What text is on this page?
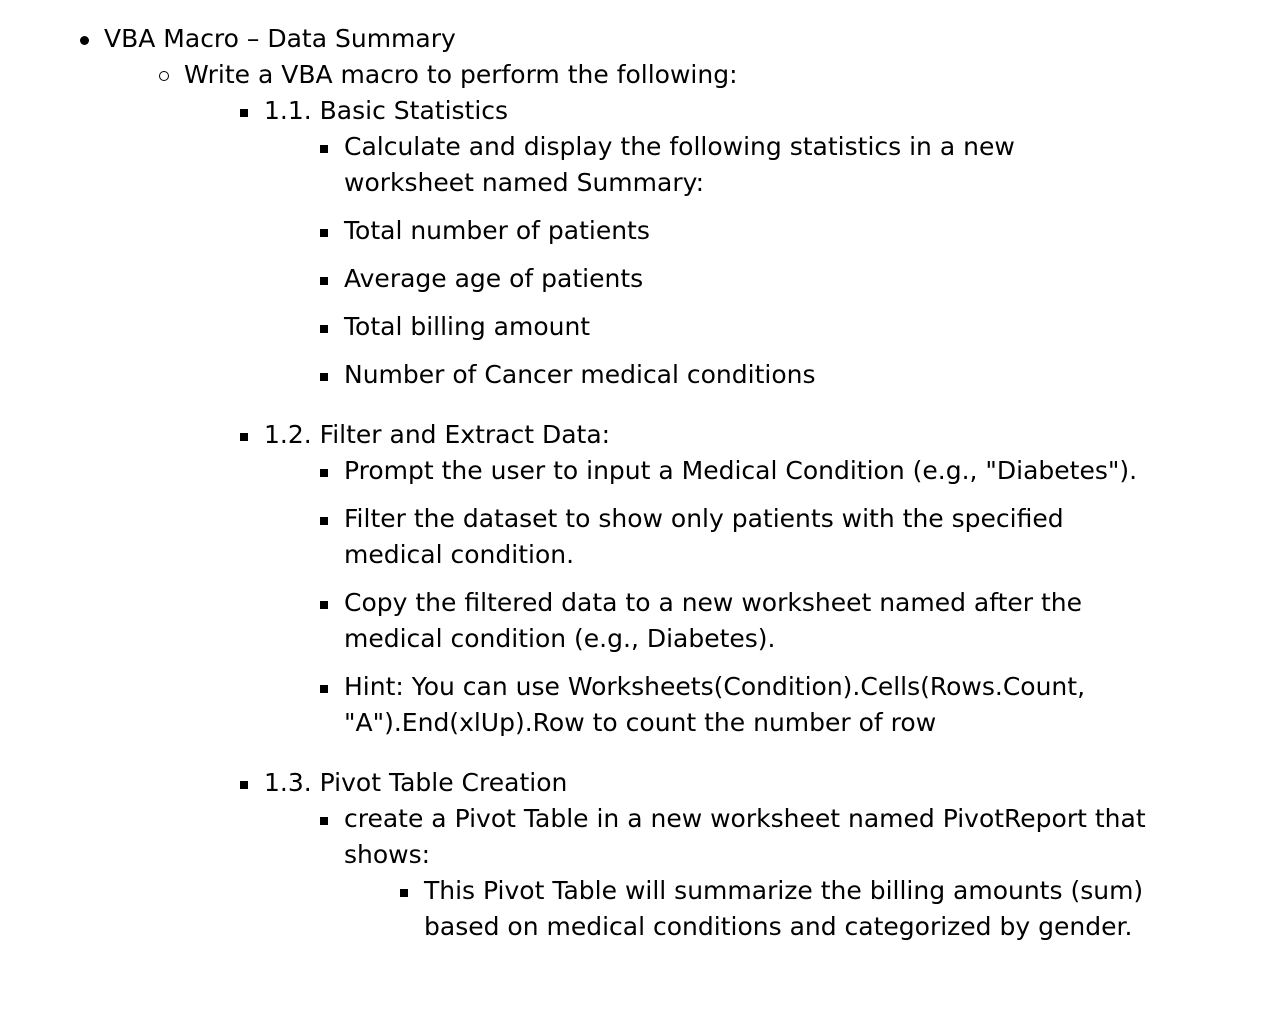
VBA Macro – Data Summary
Write a VBA macro to perform the following:
1.1. Basic Statistics
Calculate and display the following statistics in a new worksheet named Summary:
Total number of patients
Average age of patients
Total billing amount
Number of Cancer medical conditions
1.2. Filter and Extract Data:
Prompt the user to input a Medical Condition (e.g., "Diabetes").
Filter the dataset to show only patients with the specified medical condition.
Copy the filtered data to a new worksheet named after the medical condition (e.g., Diabetes).
Hint: You can use Worksheets(Condition).Cells(Rows.Count, "A").End(xlUp).Row to count the number of row
1.3. Pivot Table Creation
create a Pivot Table in a new worksheet named PivotReport that shows:
This Pivot Table will summarize the billing amounts (sum) based on medical conditions and categorized by gender.
